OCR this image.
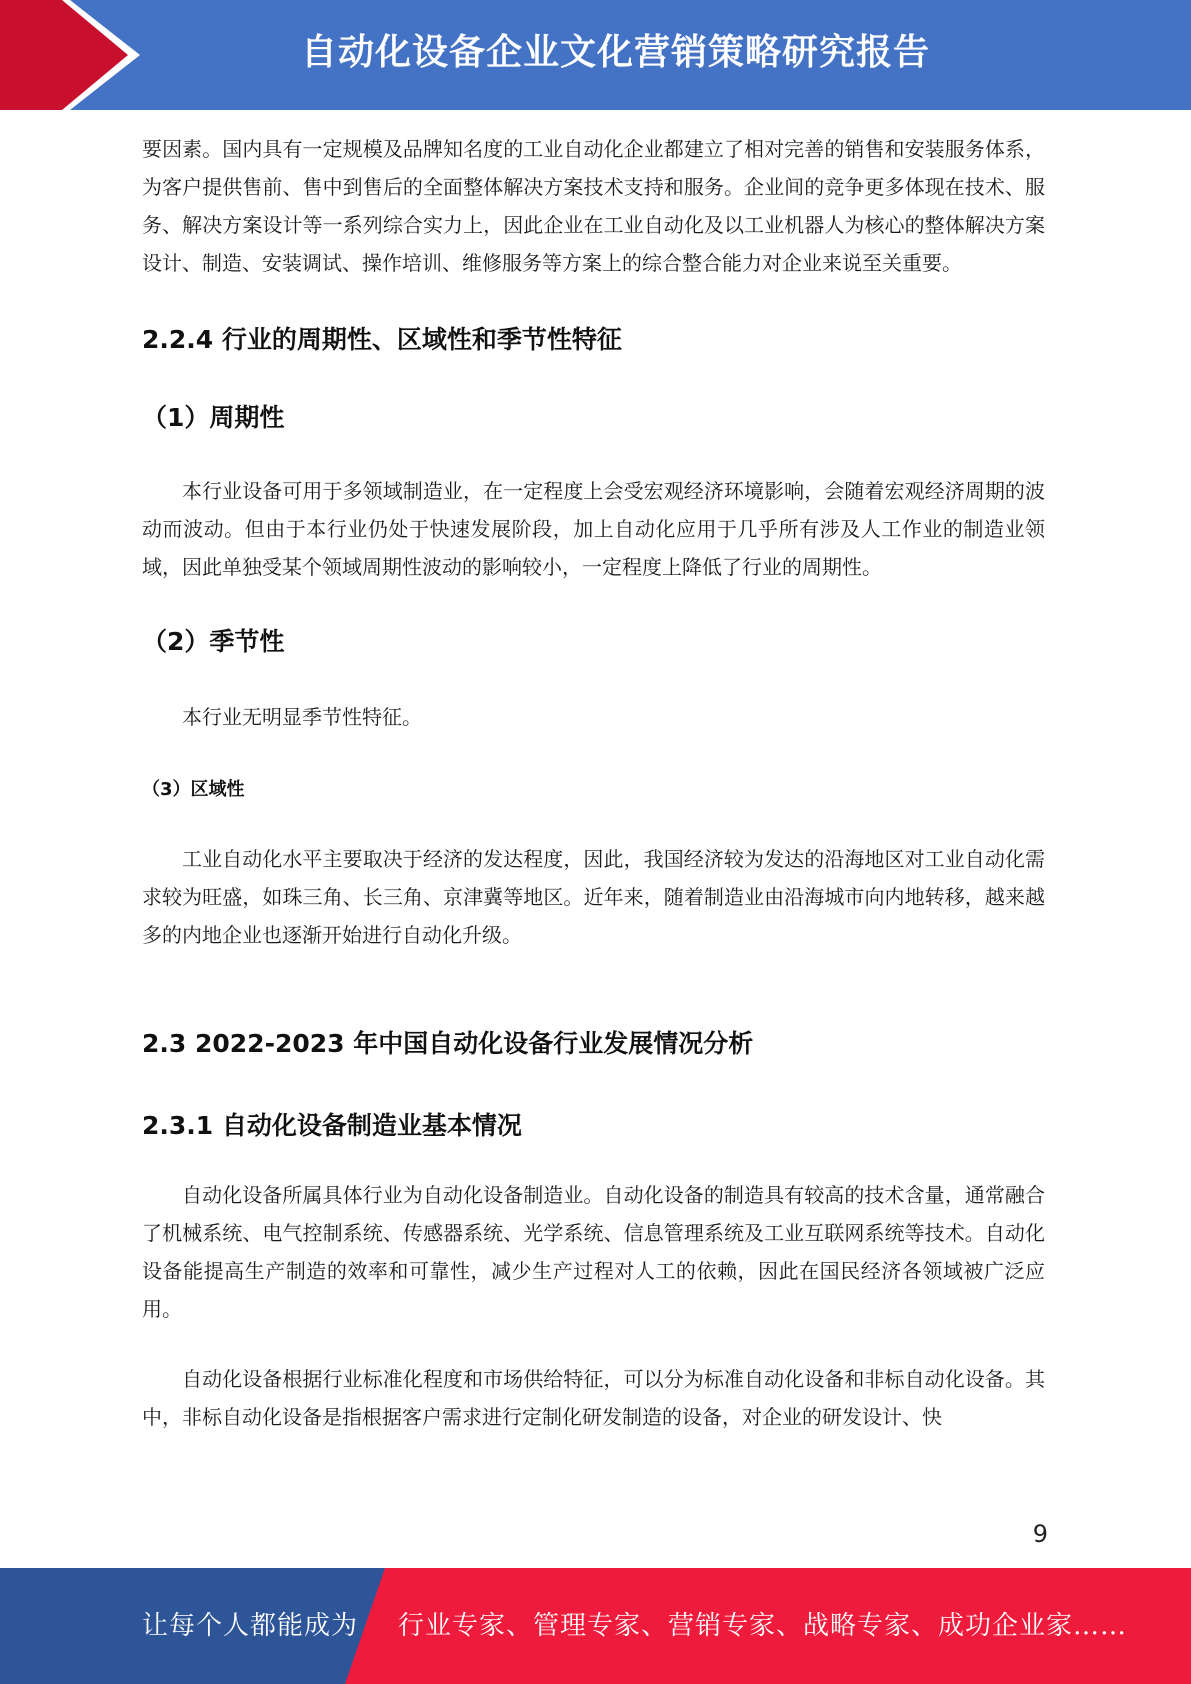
自动化设备企业文化营销策略研究报告

要因素。国内具有一定规模及品牌知名度的工业自动化企业都建立了相对完善的销售和安装服务体系，为客户提供售前、售中到售后的全面整体解决方案技术支持和服务。企业间的竞争更多体现在技术、服务、解决方案设计等一系列综合实力上，因此企业在工业自动化及以工业机器人为核心的整体解决方案设计、制造、安装调试、操作培训、维修服务等方案上的综合整合能力对企业来说至关重要。

2.2.4 行业的周期性、区域性和季节性特征
（1）周期性

本行业设备可用于多领域制造业，在一定程度上会受宏观经济环境影响，会随着宏观经济周期的波动而波动。但由于本行业仍处于快速发展阶段，加上自动化应用于几乎所有涉及人工作业的制造业领域，因此单独受某个领域周期性波动的影响较小，一定程度上降低了行业的周期性。

（2）季节性

本行业无明显季节性特征。

（3）区域性

工业自动化水平主要取决于经济的发达程度，因此，我国经济较为发达的沿海地区对工业自动化需求较为旺盛，如珠三角、长三角、京津冀等地区。近年来，随着制造业由沿海城市向内地转移，越来越多的内地企业也逐渐开始进行自动化升级。

2.3 2022-2023 年中国自动化设备行业发展情况分析
2.3.1 自动化设备制造业基本情况

自动化设备所属具体行业为自动化设备制造业。自动化设备的制造具有较高的技术含量，通常融合了机械系统、电气控制系统、传感器系统、光学系统、信息管理系统及工业互联网系统等技术。自动化设备能提高生产制造的效率和可靠性，减少生产过程对人工的依赖，因此在国民经济各领域被广泛应用。

自动化设备根据行业标准化程度和市场供给特征，可以分为标准自动化设备和非标自动化设备。其中，非标自动化设备是指根据客户需求进行定制化研发制造的设备，对企业的研发设计、快

9
让每个人都能成为 行业专家、管理专家、营销专家、战略专家、成功企业家……
